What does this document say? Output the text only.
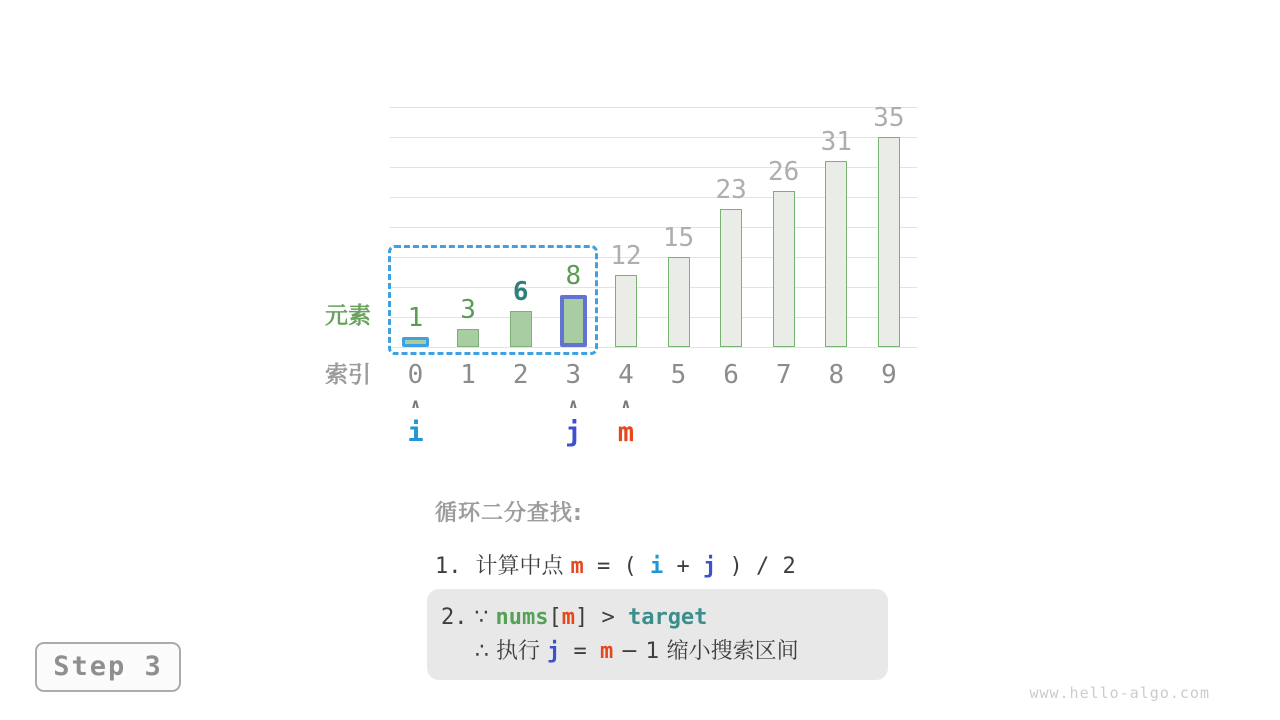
1
0
3
1
6
2
8
3
12
4
15
5
23
6
26
7
31
8
35
9
∧
i
∧
j
∧
m
元素
索引
循环二分查找:
1.  计算中点 m = ( i + j ) / 2
2. ∵ nums[m] > target
∴ 执行 j = m − 1 缩小搜索区间
Step 3
www.hello-algo.com
